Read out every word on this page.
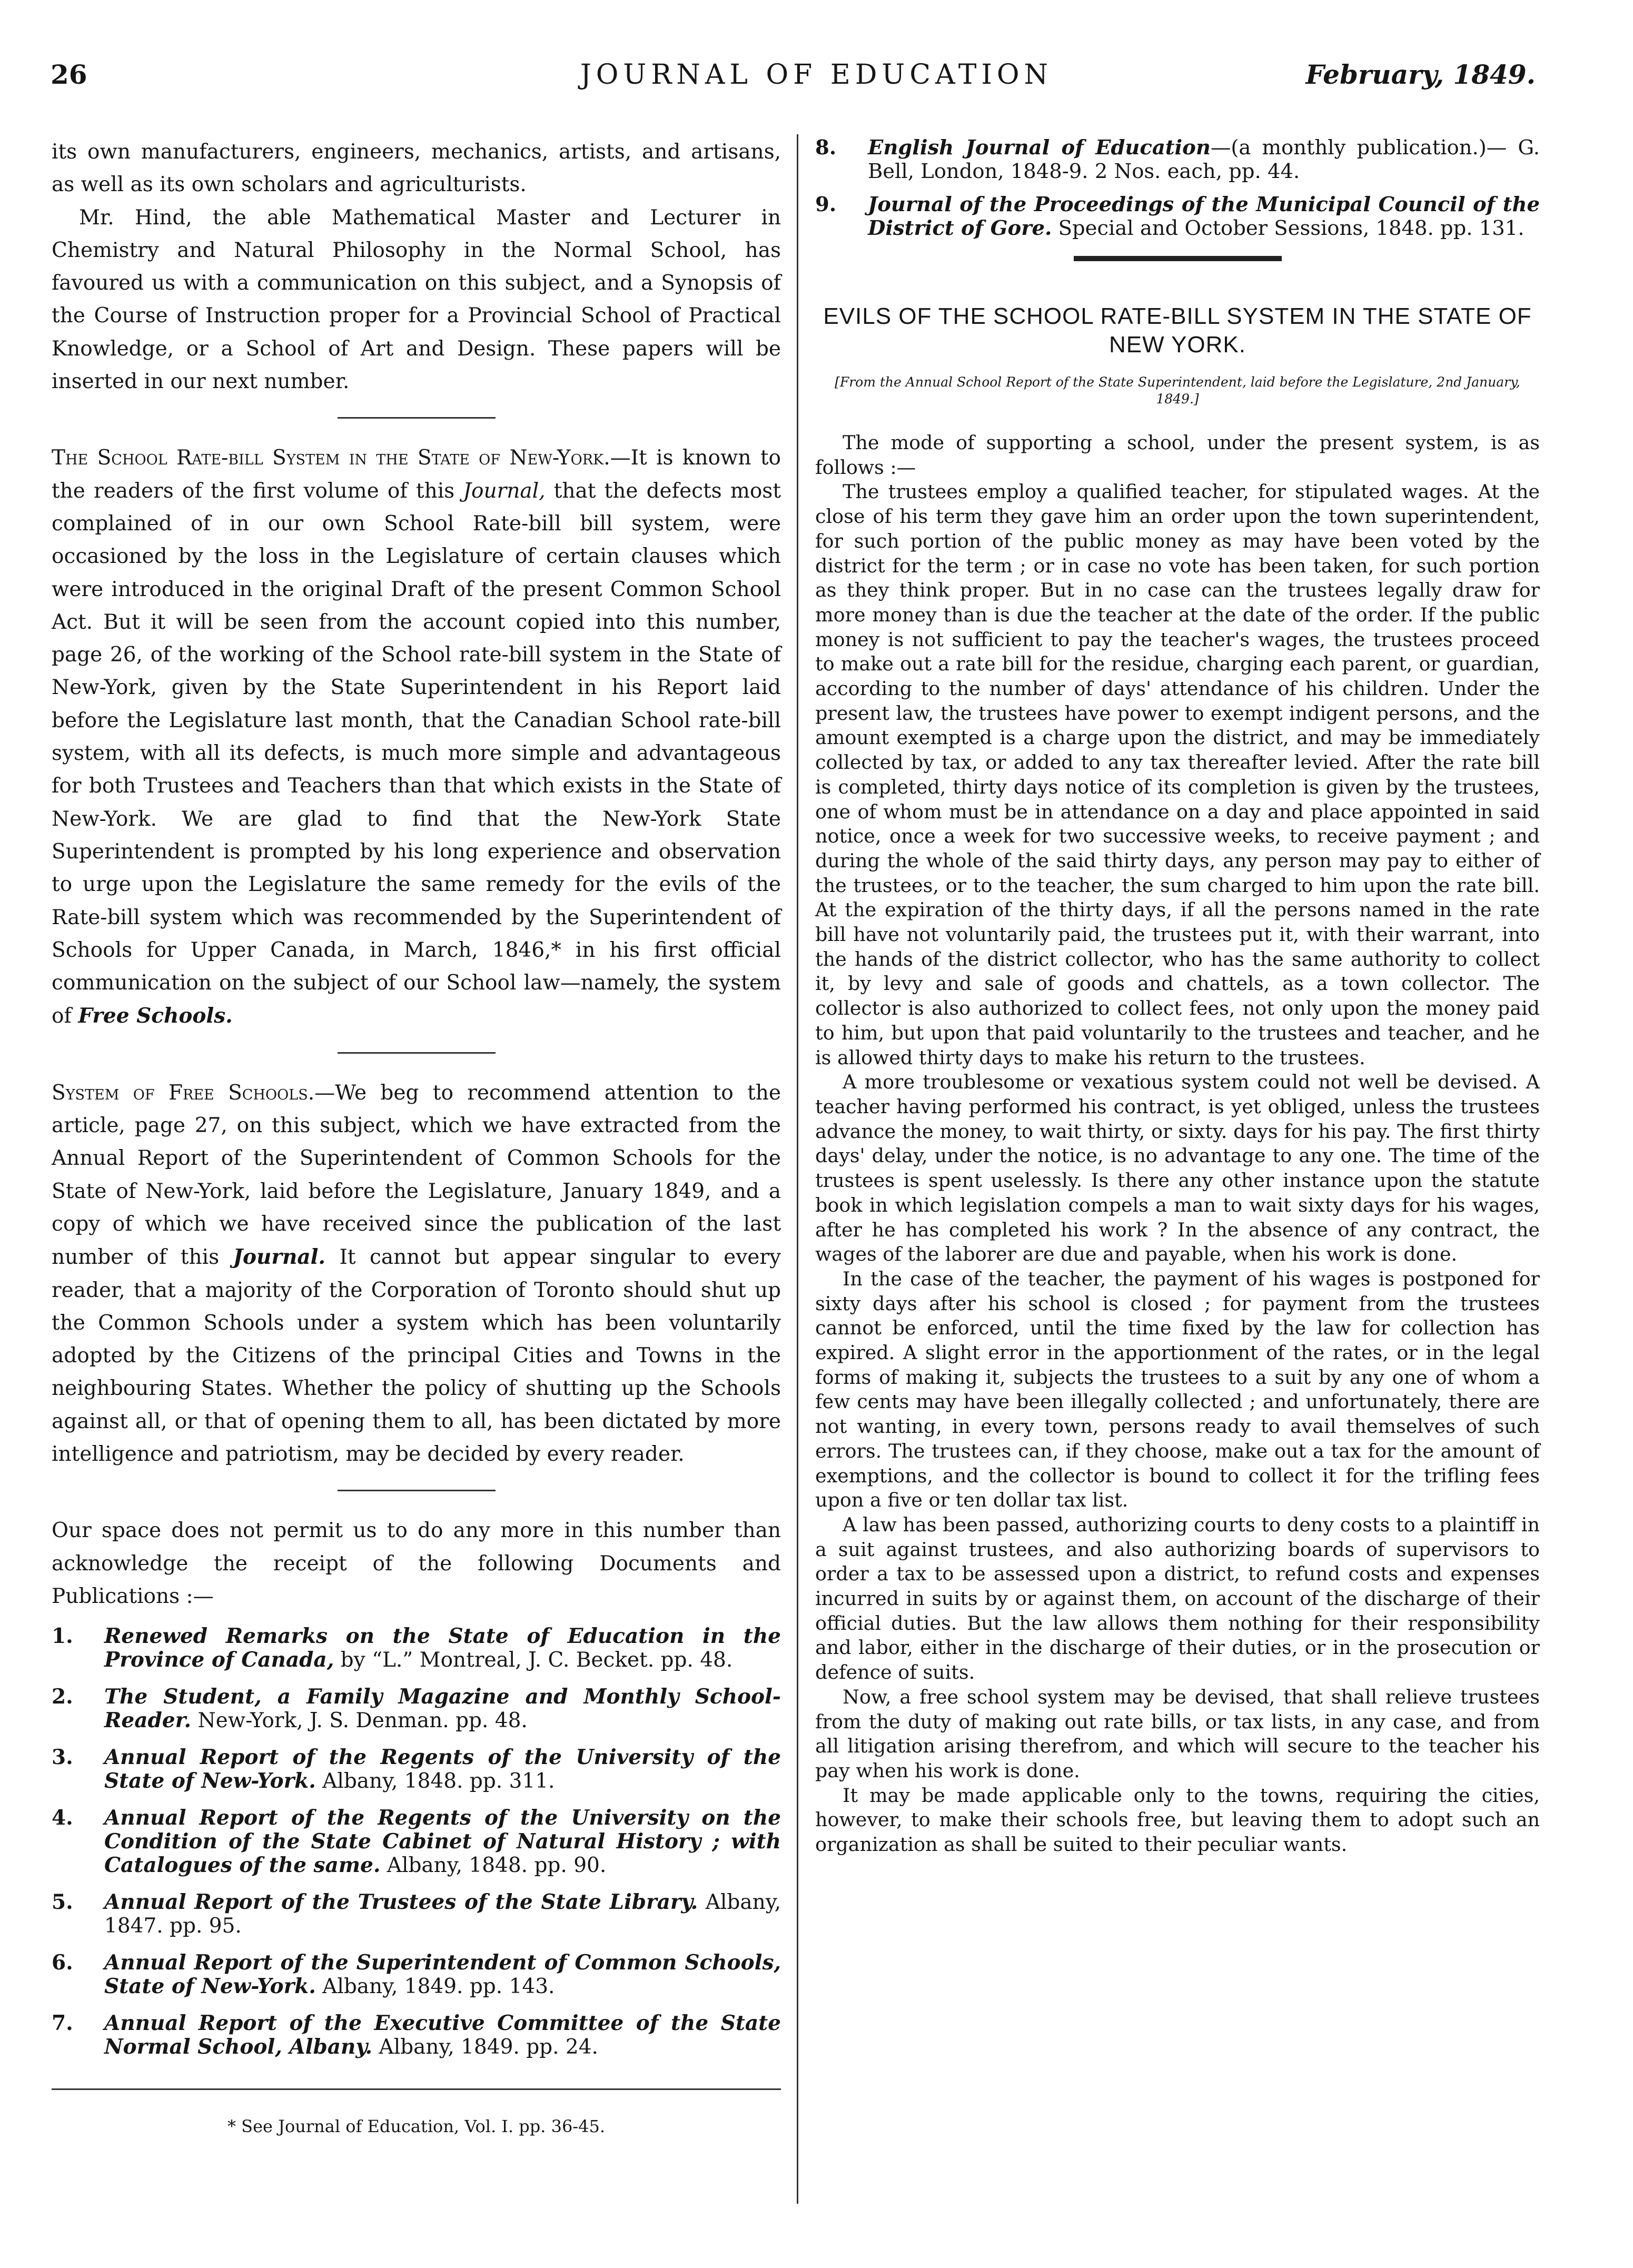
26	JOURNAL OF EDUCATION	February, 1849.

its own manufacturers, engineers, mechanics, artists, and artisans, as well as its own scholars and agriculturists.

Mr. Hind, the able Mathematical Master and Lecturer in Chemistry and Natural Philosophy in the Normal School, has favoured us with a communication on this subject, and a Synopsis of the Course of Instruction proper for a Provincial School of Practical Knowledge, or a School of Art and Design. These papers will be inserted in our next number.

The School Rate-bill System in the State of New-York.—It is known to the readers of the first volume of this Journal, that the defects most complained of in our own School Rate-bill bill system, were occasioned by the loss in the Legislature of certain clauses which were introduced in the original Draft of the present Common School Act. But it will be seen from the account copied into this number, page 26, of the working of the School rate-bill system in the State of New-York, given by the State Superintendent in his Report laid before the Legislature last month, that the Canadian School rate-bill system, with all its defects, is much more simple and advantageous for both Trustees and Teachers than that which exists in the State of New-York. We are glad to find that the New-York State Superintendent is prompted by his long experience and observation to urge upon the Legislature the same remedy for the evils of the Rate-bill system which was recommended by the Superintendent of Schools for Upper Canada, in March, 1846,* in his first official communication on the subject of our School law—namely, the system of Free Schools.

System of Free Schools.—We beg to recommend attention to the article, page 27, on this subject, which we have extracted from the Annual Report of the Superintendent of Common Schools for the State of New-York, laid before the Legislature, January 1849, and a copy of which we have received since the publication of the last number of this Journal. It cannot but appear singular to every reader, that a majority of the Corporation of Toronto should shut up the Common Schools under a system which has been voluntarily adopted by the Citizens of the principal Cities and Towns in the neighbouring States. Whether the policy of shutting up the Schools against all, or that of opening them to all, has been dictated by more intelligence and patriotism, may be decided by every reader.

Our space does not permit us to do any more in this number than acknowledge the receipt of the following Documents and Publications :—

1. Renewed Remarks on the State of Education in the Province of Canada, by “L.” Montreal, J. C. Becket. pp. 48.
2. The Student, a Family Magazine and Monthly School-Reader. New-York, J. S. Denman. pp. 48.
3. Annual Report of the Regents of the University of the State of New-York. Albany, 1848. pp. 311.
4. Annual Report of the Regents of the University on the Condition of the State Cabinet of Natural History ; with Catalogues of the same. Albany, 1848. pp. 90.
5. Annual Report of the Trustees of the State Library. Albany, 1847. pp. 95.
6. Annual Report of the Superintendent of Common Schools, State of New-York. Albany, 1849. pp. 143.
7. Annual Report of the Executive Committee of the State Normal School, Albany. Albany, 1849. pp. 24.
* See Journal of Education, Vol. I. pp. 36-45.
8. English Journal of Education—(a monthly publication.)— G. Bell, London, 1848-9. 2 Nos. each, pp. 44.
9. Journal of the Proceedings of the Municipal Council of the District of Gore. Special and October Sessions, 1848. pp. 131.
EVILS OF THE SCHOOL RATE-BILL SYSTEM IN THE STATE OF NEW YORK.
[From the Annual School Report of the State Superintendent, laid before the Legislature, 2nd January, 1849.]

The mode of supporting a school, under the present system, is as follows :—

The trustees employ a qualified teacher, for stipulated wages. At the close of his term they gave him an order upon the town superintendent, for such portion of the public money as may have been voted by the district for the term ; or in case no vote has been taken, for such portion as they think proper. But in no case can the trustees legally draw for more money than is due the teacher at the date of the order. If the public money is not sufficient to pay the teacher's wages, the trustees proceed to make out a rate bill for the residue, charging each parent, or guardian, according to the number of days' attendance of his children. Under the present law, the trustees have power to exempt indigent persons, and the amount exempted is a charge upon the district, and may be immediately collected by tax, or added to any tax thereafter levied. After the rate bill is completed, thirty days notice of its completion is given by the trustees, one of whom must be in attendance on a day and place appointed in said notice, once a week for two successive weeks, to receive payment ; and during the whole of the said thirty days, any person may pay to either of the trustees, or to the teacher, the sum charged to him upon the rate bill. At the expiration of the thirty days, if all the persons named in the rate bill have not voluntarily paid, the trustees put it, with their warrant, into the hands of the district collector, who has the same authority to collect it, by levy and sale of goods and chattels, as a town collector. The collector is also authorized to collect fees, not only upon the money paid to him, but upon that paid voluntarily to the trustees and teacher, and he is allowed thirty days to make his return to the trustees.

A more troublesome or vexatious system could not well be devised. A teacher having performed his contract, is yet obliged, unless the trustees advance the money, to wait thirty, or sixty. days for his pay. The first thirty days' delay, under the notice, is no advantage to any one. The time of the trustees is spent uselessly. Is there any other instance upon the statute book in which legislation compels a man to wait sixty days for his wages, after he has completed his work ? In the absence of any contract, the wages of the laborer are due and payable, when his work is done.

In the case of the teacher, the payment of his wages is postponed for sixty days after his school is closed ; for payment from the trustees cannot be enforced, until the time fixed by the law for collection has expired. A slight error in the apportionment of the rates, or in the legal forms of making it, subjects the trustees to a suit by any one of whom a few cents may have been illegally collected ; and unfortunately, there are not wanting, in every town, persons ready to avail themselves of such errors. The trustees can, if they choose, make out a tax for the amount of exemptions, and the collector is bound to collect it for the trifling fees upon a five or ten dollar tax list.

A law has been passed, authorizing courts to deny costs to a plaintiff in a suit against trustees, and also authorizing boards of supervisors to order a tax to be assessed upon a district, to refund costs and expenses incurred in suits by or against them, on account of the discharge of their official duties. But the law allows them nothing for their responsibility and labor, either in the discharge of their duties, or in the prosecution or defence of suits.

Now, a free school system may be devised, that shall relieve trustees from the duty of making out rate bills, or tax lists, in any case, and from all litigation arising therefrom, and which will secure to the teacher his pay when his work is done.

It may be made applicable only to the towns, requiring the cities, however, to make their schools free, but leaving them to adopt such an organization as shall be suited to their peculiar wants.
